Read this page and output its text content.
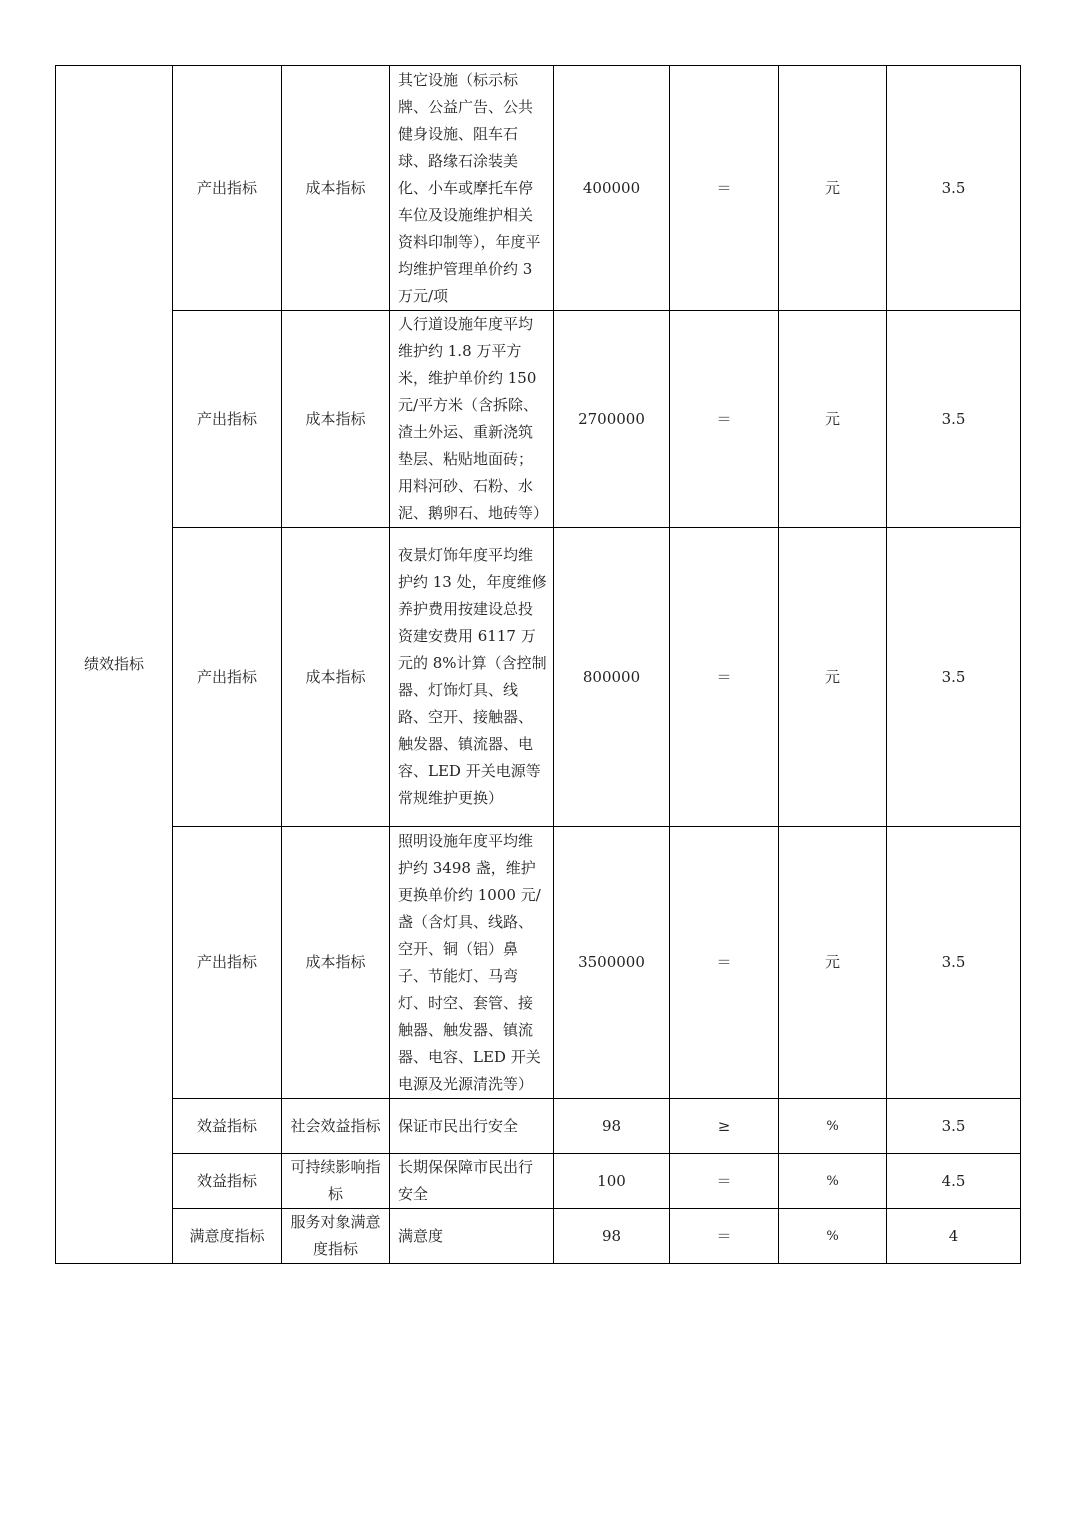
绩效指标	产出指标	成本指标	其它设施（标示标牌、公益广告、公共健身设施、阻车石球、路缘石涂装美化、小车或摩托车停车位及设施维护相关资料印制等），年度平均维护管理单价约 3 万元/项	400000	＝	元	3.5
	产出指标	成本指标	人行道设施年度平均维护约 1.8 万平方米，维护单价约 150 元/平方米（含拆除、渣土外运、重新浇筑垫层、粘贴地面砖；用料河砂、石粉、水泥、鹅卵石、地砖等）	2700000	＝	元	3.5
	产出指标	成本指标	夜景灯饰年度平均维护约 13 处，年度维修养护费用按建设总投资建安费用 6117 万元的 8%计算（含控制器、灯饰灯具、线路、空开、接触器、触发器、镇流器、电容、LED 开关电源等常规维护更换）	800000	＝	元	3.5
	产出指标	成本指标	照明设施年度平均维护约 3498 盏，维护更换单价约 1000 元/盏（含灯具、线路、空开、铜（铝）鼻子、节能灯、马弯灯、时空、套管、接触器、触发器、镇流器、电容、LED 开关电源及光源清洗等）	3500000	＝	元	3.5
	效益指标	社会效益指标	保证市民出行安全	98	≥	%	3.5
	效益指标	可持续影响指标	长期保保障市民出行安全	100	＝	%	4.5
	满意度指标	服务对象满意度指标	满意度	98	＝	%	4
